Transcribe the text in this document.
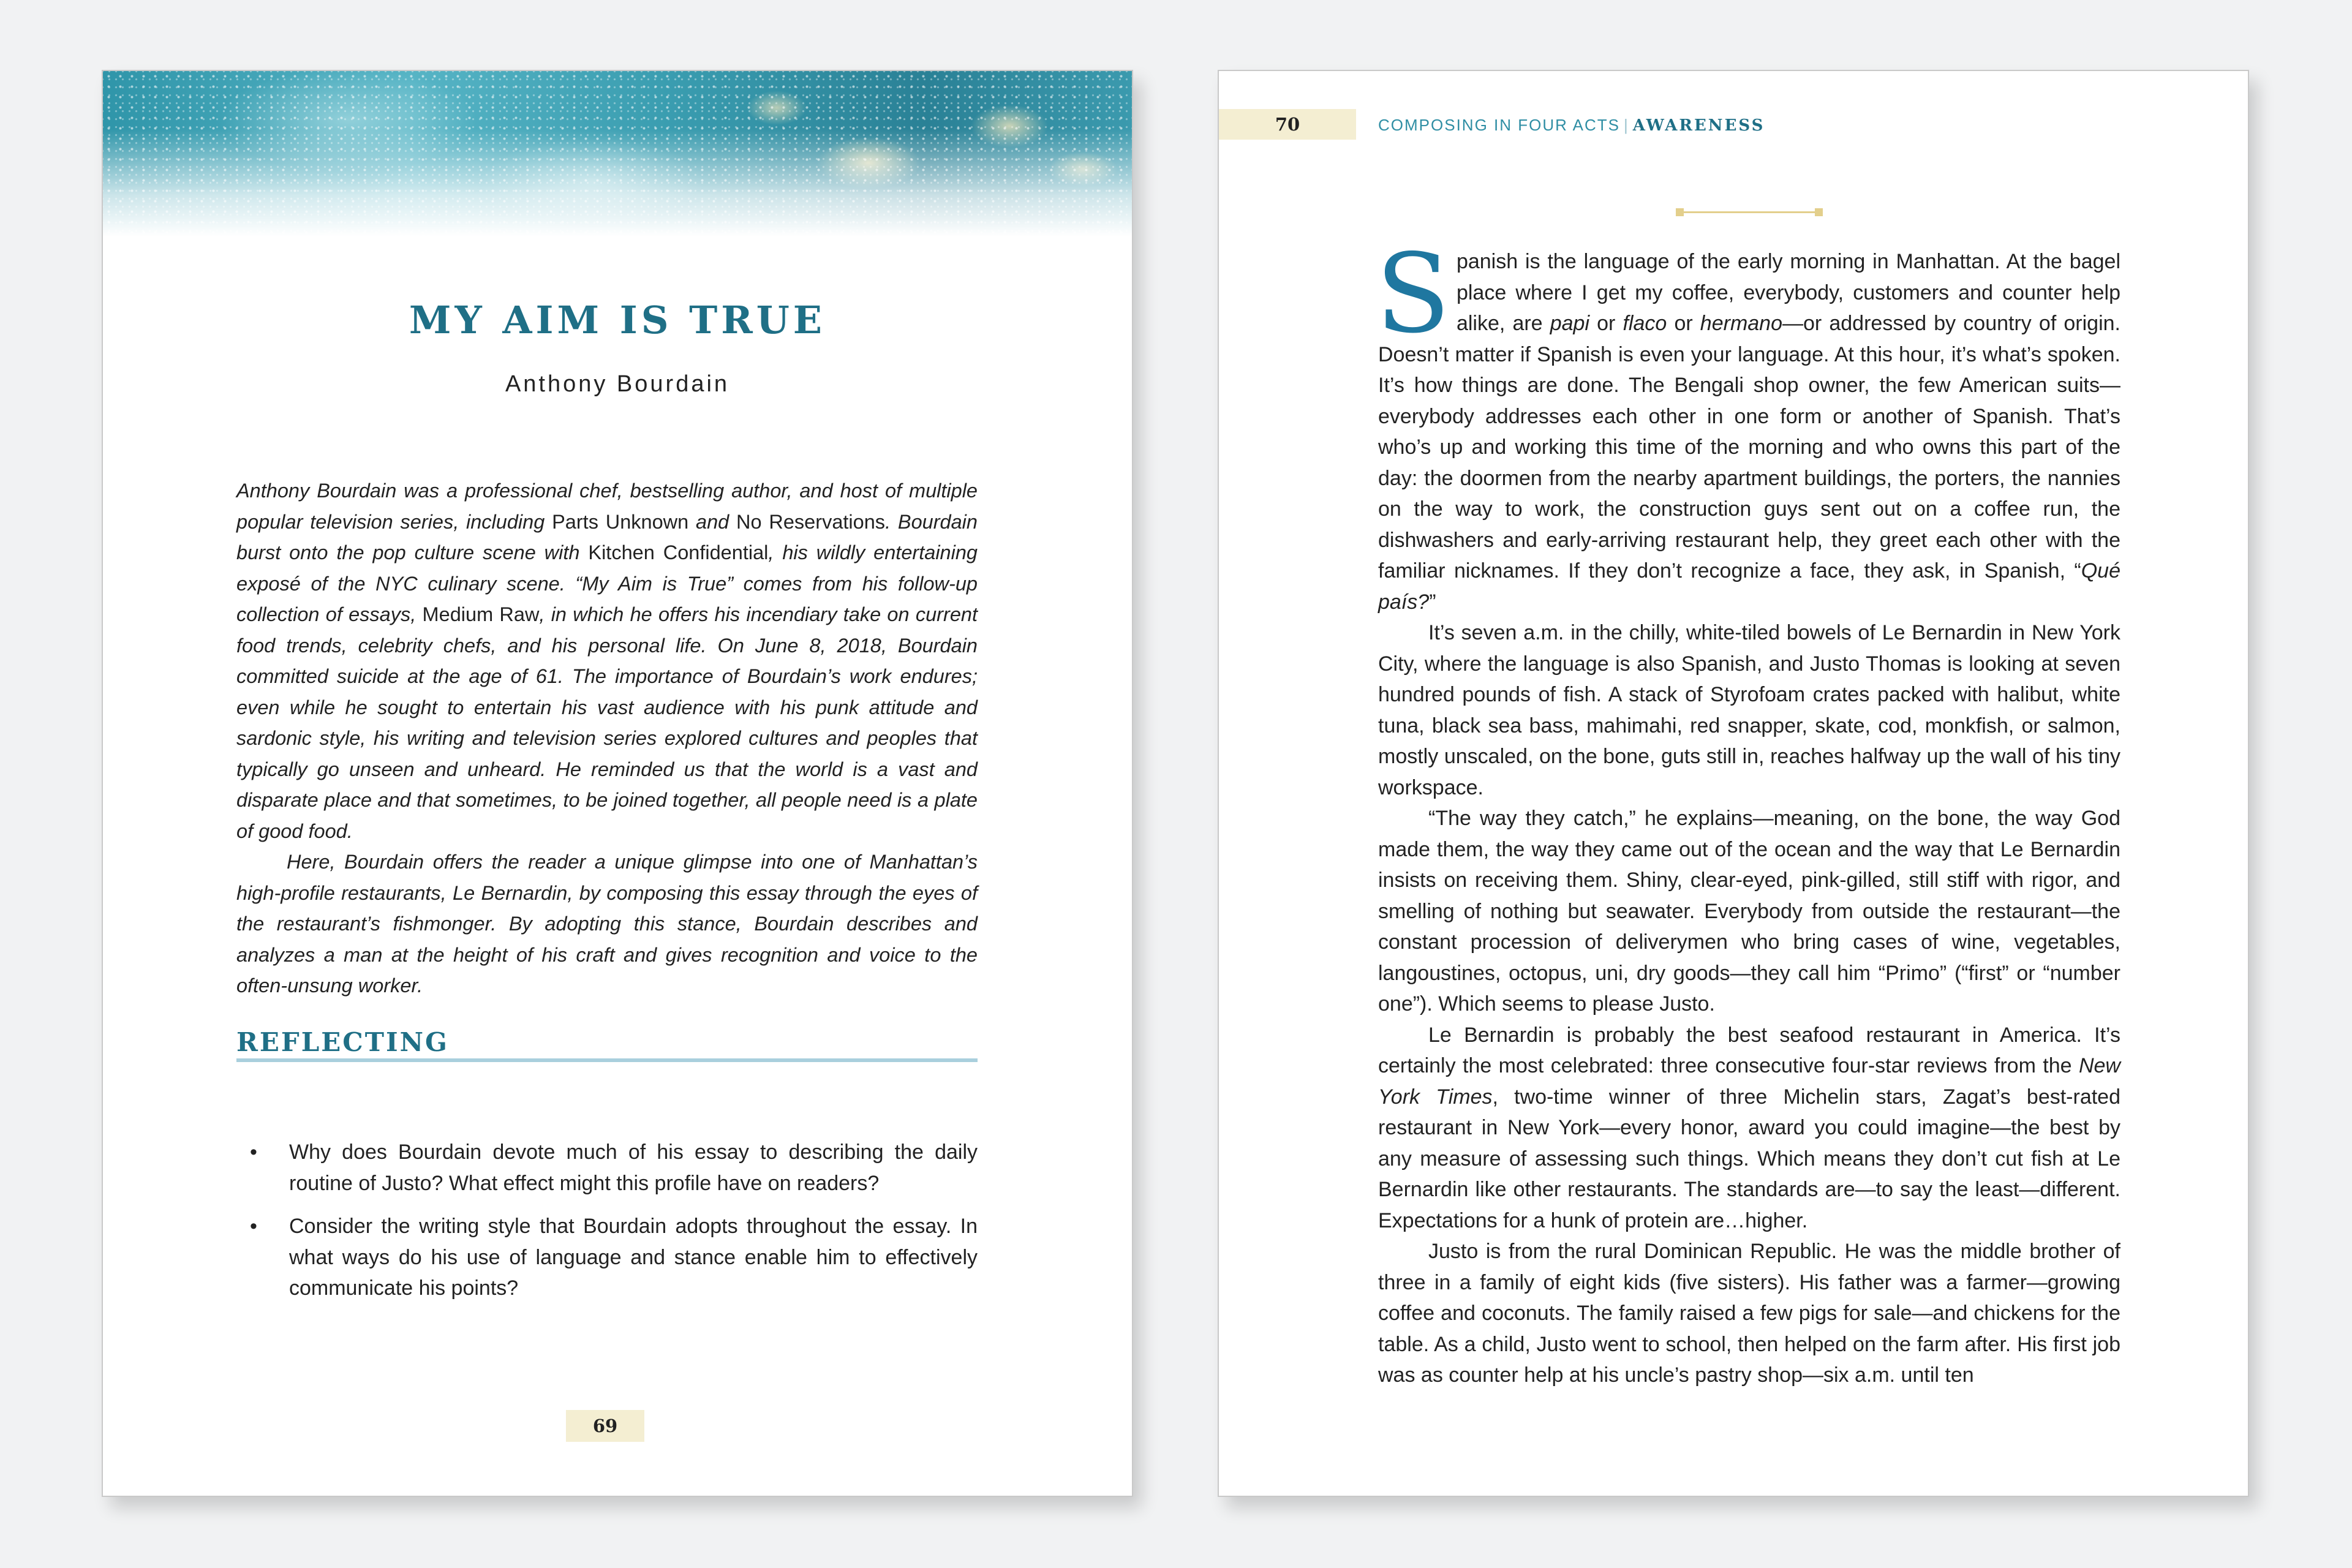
MY AIM IS TRUE
Anthony Bourdain

Anthony Bourdain was a professional chef, bestselling author, and host of multiple popular television series, including Parts Unknown and No Reservations. Bourdain burst onto the pop culture scene with Kitchen Confidential, his wildly entertaining exposé of the NYC culinary scene. “My Aim is True” comes from his follow-up collection of essays, Medium Raw, in which he offers his incendiary take on current food trends, celebrity chefs, and his personal life. On June 8, 2018, Bourdain committed suicide at the age of 61. The importance of Bourdain’s work endures; even while he sought to entertain his vast audience with his punk attitude and sardonic style, his writing and television series explored cultures and peoples that typically go unseen and unheard. He reminded us that the world is a vast and disparate place and that sometimes, to be joined together, all people need is a plate of good food.

Here, Bourdain offers the reader a unique glimpse into one of Manhattan’s high-profile restaurants, Le Bernardin, by composing this essay through the eyes of the restaurant’s fishmonger. By adopting this stance, Bourdain describes and analyzes a man at the height of his craft and gives recognition and voice to the often-unsung worker.

REFLECTING
• Why does Bourdain devote much of his essay to describing the daily routine of Justo? What effect might this profile have on readers?
• Consider the writing style that Bourdain adopts throughout the essay. In what ways do his use of language and stance enable him to effectively communicate his points?
69
70	COMPOSING IN FOUR ACTS | AWARENESS

Spanish is the language of the early morning in Manhattan. At the bagel place where I get my coffee, everybody, customers and counter help alike, are papi or flaco or hermano—or addressed by country of origin. Doesn’t matter if Spanish is even your language. At this hour, it’s what’s spoken. It’s how things are done. The Bengali shop owner, the few American suits—everybody addresses each other in one form or another of Spanish. That’s who’s up and working this time of the morning and who owns this part of the day: the doormen from the nearby apartment buildings, the porters, the nannies on the way to work, the construction guys sent out on a coffee run, the dishwashers and early-arriving restaurant help, they greet each other with the familiar nicknames. If they don’t recognize a face, they ask, in Spanish, “Qué país?”

It’s seven a.m. in the chilly, white-tiled bowels of Le Bernardin in New York City, where the language is also Spanish, and Justo Thomas is looking at seven hundred pounds of fish. A stack of Styrofoam crates packed with halibut, white tuna, black sea bass, mahimahi, red snapper, skate, cod, monkfish, or salmon, mostly unscaled, on the bone, guts still in, reaches halfway up the wall of his tiny workspace.

“The way they catch,” he explains—meaning, on the bone, the way God made them, the way they came out of the ocean and the way that Le Bernardin insists on receiving them. Shiny, clear-eyed, pink-gilled, still stiff with rigor, and smelling of nothing but seawater. Everybody from outside the restaurant—the constant procession of deliverymen who bring cases of wine, vegetables, langoustines, octopus, uni, dry goods—they call him “Primo” (“first” or “number one”). Which seems to please Justo.

Le Bernardin is probably the best seafood restaurant in America. It’s certainly the most celebrated: three consecutive four-star reviews from the New York Times, two-time winner of three Michelin stars, Zagat’s best-rated restaurant in New York—every honor, award you could imagine—the best by any measure of assessing such things. Which means they don’t cut fish at Le Bernardin like other restaurants. The standards are—to say the least—different. Expectations for a hunk of protein are…higher.

Justo is from the rural Dominican Republic. He was the middle brother of three in a family of eight kids (five sisters). His father was a farmer—growing coffee and coconuts. The family raised a few pigs for sale—and chickens for the table. As a child, Justo went to school, then helped on the farm after. His first job was as counter help at his uncle’s pastry shop—six a.m. until ten
